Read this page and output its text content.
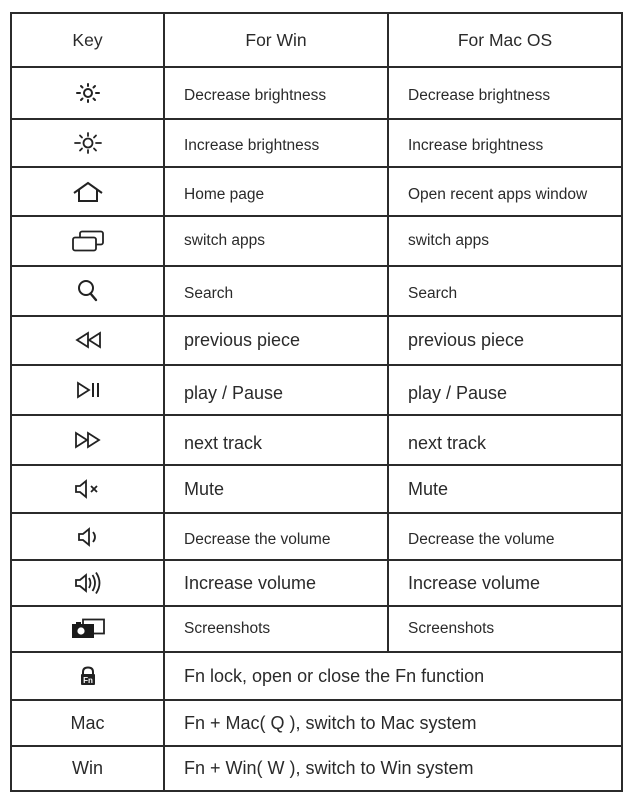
Key	For Win	For Mac OS
	Decrease brightness	Decrease brightness
	Increase brightness	Increase brightness
	Home page	Open recent apps window
	switch apps	switch apps
	Search	Search
	previous piece	previous piece
	play / Pause	play / Pause
	next track	next track
	Mute	Mute
	Decrease the volume	Decrease the volume
	Increase volume	Increase volume
	Screenshots	Screenshots

Fn	Fn lock, open or close the Fn function	
Mac	Fn + Mac( Q ), switch to Mac system	
Win	Fn + Win( W ), switch to Win system	
